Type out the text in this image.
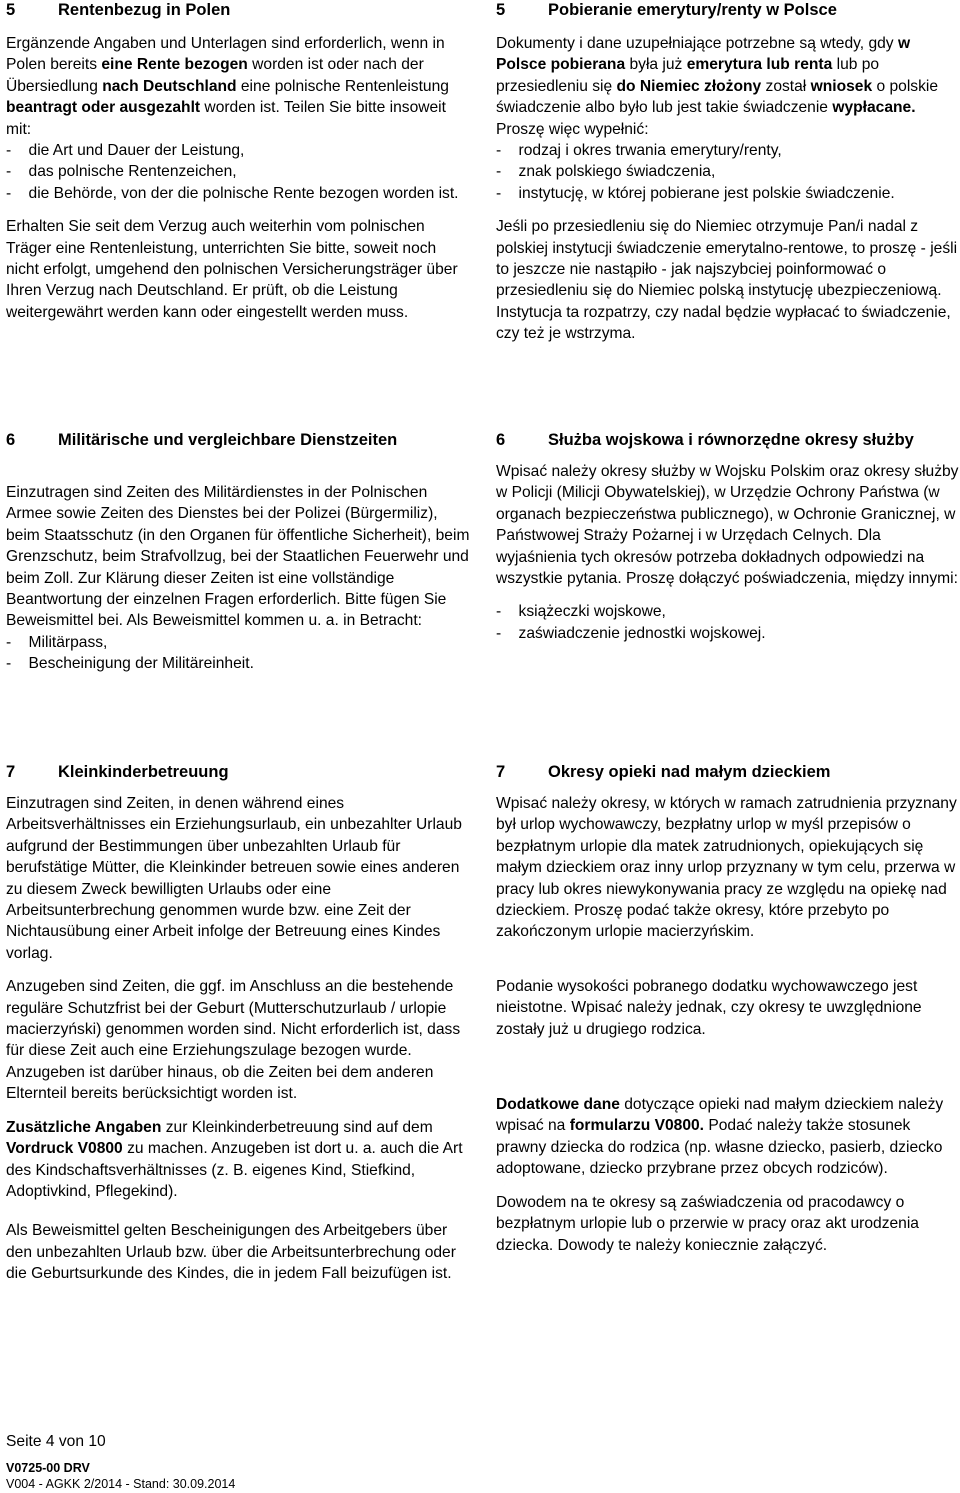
5	Rentenbezug in Polen

Ergänzende Angaben und Unterlagen sind erforderlich, wenn in Polen bereits eine Rente bezogen worden ist oder nach der Übersiedlung nach Deutschland eine polnische Rentenleistung beantragt oder ausgezahlt worden ist. Teilen Sie bitte insoweit mit:

-    die Art und Dauer der Leistung,

-    das polnische Rentenzeichen,

-    die Behörde, von der die polnische Rente bezogen worden ist.

Erhalten Sie seit dem Verzug auch weiterhin vom polnischen Träger eine Rentenleistung, unterrichten Sie bitte, soweit noch nicht erfolgt, umgehend den polnischen Versicherungsträger über Ihren Verzug nach Deutschland. Er prüft, ob die Leistung weitergewährt werden kann oder eingestellt werden muss.

5	Pobieranie emerytury/renty w Polsce

Dokumenty i dane uzupełniające potrzebne są wtedy, gdy w Polsce pobierana była już emerytura lub renta lub po przesiedleniu się do Niemiec złożony został wniosek o polskie świadczenie albo było lub jest takie świadczenie wypłacane. Proszę więc wypełnić:

-    rodzaj i okres trwania emerytury/renty,

-    znak polskiego świadczenia,

-    instytucję, w której pobierane jest polskie świadczenie.

Jeśli po przesiedleniu się do Niemiec otrzymuje Pan/i nadal z polskiej instytucji świadczenie emerytalno-rentowe, to proszę - jeśli to jeszcze nie nastąpiło - jak najszybciej poinformować o przesiedleniu się do Niemiec polską instytucję ubezpieczeniową. Instytucja ta rozpatrzy, czy nadal będzie wypłacać to świadczenie, czy też je wstrzyma.

6	Militärische und vergleichbare Dienstzeiten

Einzutragen sind Zeiten des Militärdienstes in der Polnischen Armee sowie Zeiten des Dienstes bei der Polizei (Bürgermiliz), beim Staatsschutz (in den Organen für öffentliche Sicherheit), beim Grenzschutz, beim Strafvollzug, bei der Staatlichen Feuerwehr und beim Zoll. Zur Klärung dieser Zeiten ist eine vollständige Beantwortung der einzelnen Fragen erforderlich. Bitte fügen Sie Beweismittel bei. Als Beweismittel kommen u. a. in Betracht:

-    Militärpass,

-    Bescheinigung der Militäreinheit.

6	Służba wojskowa i równorzędne okresy służby

Wpisać należy okresy służby w Wojsku Polskim oraz okresy służby w Policji (Milicji Obywatelskiej), w Urzędzie Ochrony Państwa (w organach bezpieczeństwa publicznego), w Ochronie Granicznej, w Państwowej Straży Pożarnej i w Urzędach Celnych. Dla wyjaśnienia tych okresów potrzeba dokładnych odpowiedzi na wszystkie pytania. Proszę dołączyć poświadczenia, między innymi:

-    książeczki wojskowe,

-    zaświadczenie jednostki wojskowej.

7	Kleinkinderbetreuung

Einzutragen sind Zeiten, in denen während eines Arbeitsverhältnisses ein Erziehungsurlaub, ein unbezahlter Urlaub aufgrund der Bestimmungen über unbezahlten Urlaub für berufstätige Mütter, die Kleinkinder betreuen sowie eines anderen zu diesem Zweck bewilligten Urlaubs oder eine Arbeitsunterbrechung genommen wurde bzw. eine Zeit der Nichtausübung einer Arbeit infolge der Betreuung eines Kindes vorlag.

Anzugeben sind Zeiten, die ggf. im Anschluss an die bestehende reguläre Schutzfrist bei der Geburt (Mutterschutzurlaub / urlopie macierzyński) genommen worden sind. Nicht erforderlich ist, dass für diese Zeit auch eine Erziehungszulage bezogen wurde. Anzugeben ist darüber hinaus, ob die Zeiten bei dem anderen Elternteil bereits berücksichtigt worden ist.

Zusätzliche Angaben zur Kleinkinderbetreuung sind auf dem Vordruck V0800 zu machen. Anzugeben ist dort u. a. auch die Art des Kindschaftsverhältnisses (z. B. eigenes Kind, Stiefkind, Adoptivkind, Pflegekind).

Als Beweismittel gelten Bescheinigungen des Arbeitgebers über den unbezahlten Urlaub bzw. über die Arbeitsunterbrechung oder die Geburtsurkunde des Kindes, die in jedem Fall beizufügen ist.

7	Okresy opieki nad małym dzieckiem

Wpisać należy okresy, w których w ramach zatrudnienia przyznany był urlop wychowawczy, bezpłatny urlop w myśl przepisów o bezpłatnym urlopie dla matek zatrudnionych, opiekujących się małym dzieckiem oraz inny urlop przyznany w tym celu, przerwa w pracy lub okres niewykonywania pracy ze względu na opiekę nad dzieckiem. Proszę podać także okresy, które przebyto po zakończonym urlopie macierzyńskim.

Podanie wysokości pobranego dodatku wychowawczego jest nieistotne. Wpisać należy jednak, czy okresy te uwzględnione zostały już u drugiego rodzica.

Dodatkowe dane dotyczące opieki nad małym dzieckiem należy wpisać na formularzu V0800. Podać należy także stosunek prawny dziecka do rodzica (np. własne dziecko, pasierb, dziecko adoptowane, dziecko przybrane przez obcych rodziców).

Dowodem na te okresy są zaświadczenia od pracodawcy o bezpłatnym urlopie lub o przerwie w pracy oraz akt urodzenia dziecka. Dowody te należy koniecznie załączyć.

Seite 4 von 10
V0725-00 DRV
V004 - AGKK 2/2014 - Stand: 30.09.2014
